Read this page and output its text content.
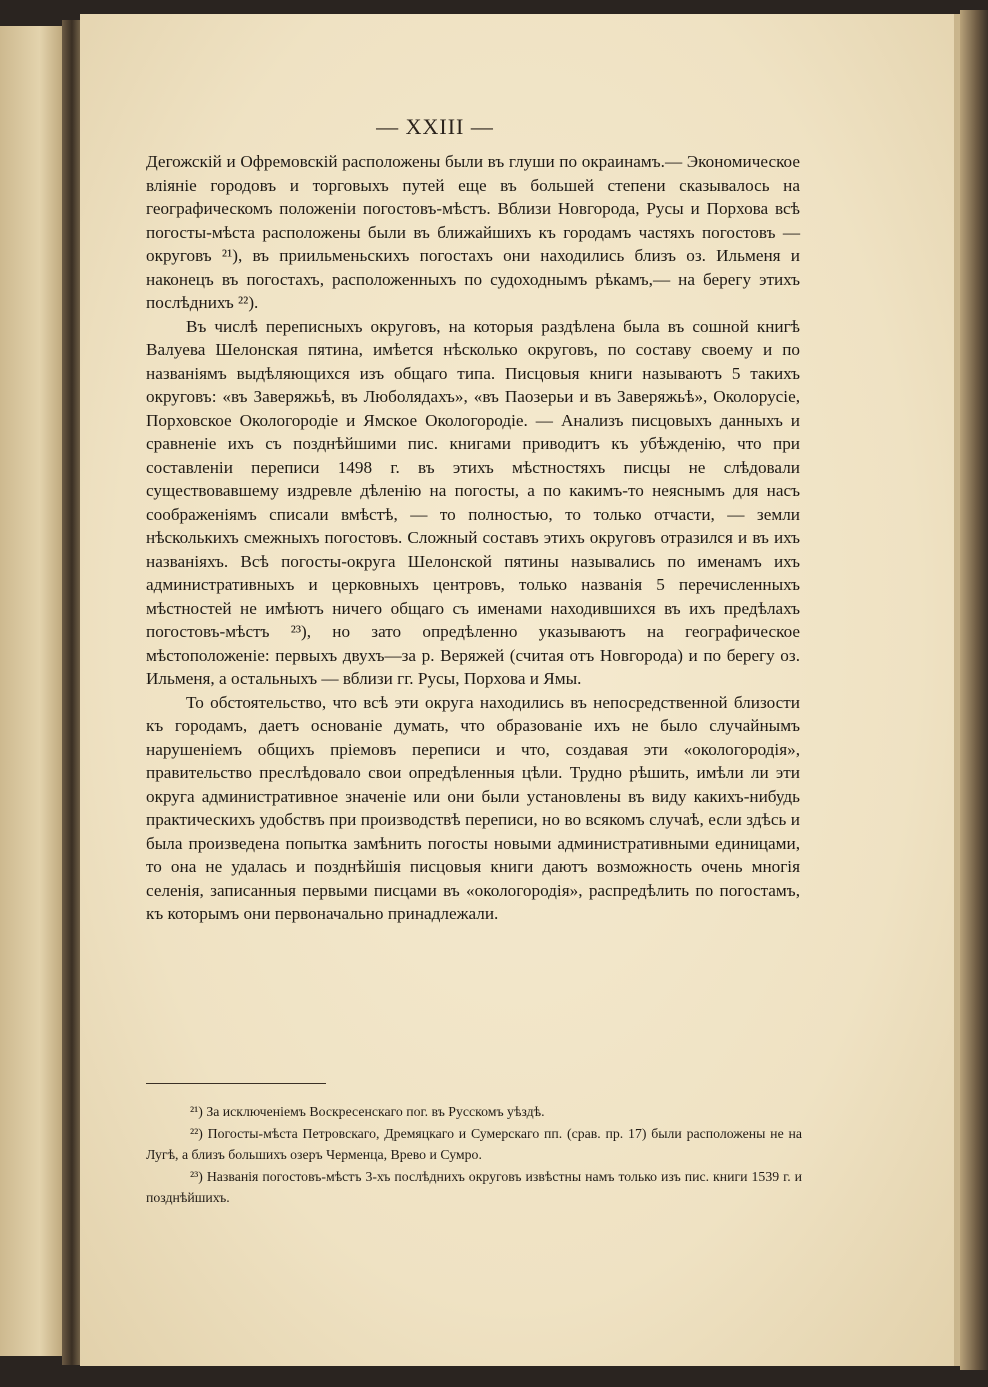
— XXIII —

Дегожскій и Офремовскій расположены были въ глуши по окраинамъ.— Экономическое вліяніе городовъ и торговыхъ путей еще въ большей степени сказывалось на географическомъ положеніи погостовъ-мѣстъ. Вблизи Новгорода, Русы и Порхова всѣ погосты-мѣста расположены были въ ближайшихъ къ городамъ частяхъ погостовъ — округовъ ²¹), въ приильменьскихъ погостахъ они находились близъ оз. Ильменя и наконецъ въ погостахъ, расположенныхъ по судоходнымъ рѣкамъ,— на берегу этихъ послѣднихъ ²²).

Въ числѣ переписныхъ округовъ, на которыя раздѣлена была въ сошной книгѣ Валуева Шелонская пятина, имѣется нѣсколько округовъ, по составу своему и по названіямъ выдѣляющихся изъ общаго типа. Писцовыя книги называютъ 5 такихъ округовъ: «въ Заверяжьѣ, въ Люболядахъ», «въ Паозерьи и въ Заверяжьѣ», Околорусіе, Порховское Окологородіе и Ямское Окологородіе. — Анализъ писцовыхъ данныхъ и сравненіе ихъ съ позднѣйшими пис. книгами приводитъ къ убѣжденію, что при составленіи переписи 1498 г. въ этихъ мѣстностяхъ писцы не слѣдовали существовавшему издревле дѣленію на погосты, а по какимъ-то неяснымъ для насъ соображеніямъ списали вмѣстѣ, — то полностью, то только отчасти, — земли нѣсколькихъ смежныхъ погостовъ. Сложный составъ этихъ округовъ отразился и въ ихъ названіяхъ. Всѣ погосты-округа Шелонской пятины назывались по именамъ ихъ административныхъ и церковныхъ центровъ, только названія 5 перечисленныхъ мѣстностей не имѣютъ ничего общаго съ именами находившихся въ ихъ предѣлахъ погостовъ-мѣстъ ²³), но зато опредѣленно указываютъ на географическое мѣстоположеніе: первыхъ двухъ—за р. Веряжей (считая отъ Новгорода) и по берегу оз. Ильменя, а остальныхъ — вблизи гг. Русы, Порхова и Ямы.

То обстоятельство, что всѣ эти округа находились въ непосредственной близости къ городамъ, даетъ основаніе думать, что образованіе ихъ не было случайнымъ нарушеніемъ общихъ пріемовъ переписи и что, создавая эти «окологородія», правительство преслѣдовало свои опредѣленныя цѣли. Трудно рѣшить, имѣли ли эти округа административное значеніе или они были установлены въ виду какихъ-нибудь практическихъ удобствъ при производствѣ переписи, но во всякомъ случаѣ, если здѣсь и была произведена попытка замѣнить погосты новыми административными единицами, то она не удалась и позднѣйшія писцовыя книги даютъ возможность очень многія селенія, записанныя первыми писцами въ «окологородія», распредѣлить по погостамъ, къ которымъ они первоначально принадлежали.

²¹) За исключеніемъ Воскресенскаго пог. въ Русскомъ уѣздѣ.

²²) Погосты-мѣста Петровскаго, Дремяцкаго и Сумерскаго пп. (срав. пр. 17) были расположены не на Лугѣ, а близъ большихъ озеръ Черменца, Врево и Сумро.

²³) Названія погостовъ-мѣстъ 3-хъ послѣднихъ округовъ извѣстны намъ только изъ пис. книги 1539 г. и позднѣйшихъ.
